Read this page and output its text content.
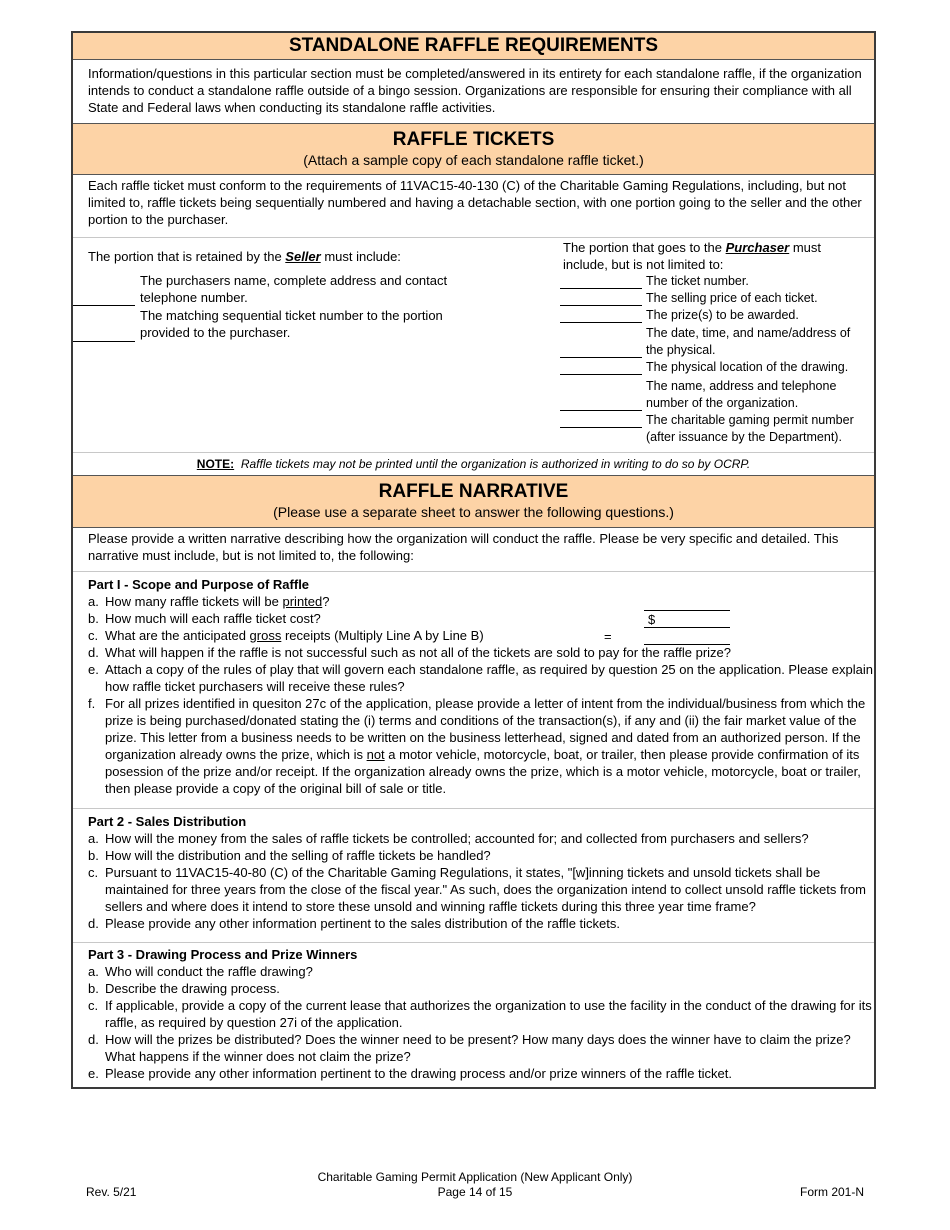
STANDALONE RAFFLE REQUIREMENTS
Information/questions in this particular section must be completed/answered in its entirety for each standalone raffle, if the organization intends to conduct a standalone raffle outside of a bingo session. Organizations are responsible for ensuring their compliance with all State and Federal laws when conducting its standalone raffle activities.
RAFFLE TICKETS
(Attach a sample copy of each standalone raffle ticket.)
Each raffle ticket must conform to the requirements of 11VAC15-40-130 (C) of the Charitable Gaming Regulations, including, but not limited to, raffle tickets being sequentially numbered and having a detachable section, with one portion going to the seller and the other portion to the purchaser.
The portion that is retained by the Seller must include:
The purchasers name, complete address and contact telephone number.
The matching sequential ticket number to the portion provided to the purchaser.
The portion that goes to the Purchaser must include, but is not limited to:
The ticket number.
The selling price of each ticket.
The prize(s) to be awarded.
The date, time, and name/address of the physical.
The physical location of the drawing.
The name, address and telephone number of the organization.
The charitable gaming permit number (after issuance by the Department).
NOTE: Raffle tickets may not be printed until the organization is authorized in writing to do so by OCRP.
RAFFLE NARRATIVE
(Please use a separate sheet to answer the following questions.)
Please provide a written narrative describing how the organization will conduct the raffle. Please be very specific and detailed. This narrative must include, but is not limited to, the following:
Part I - Scope and Purpose of Raffle
a. How many raffle tickets will be printed?
b. How much will each raffle ticket cost?
c. What are the anticipated gross receipts (Multiply Line A by Line B)
d. What will happen if the raffle is not successful such as not all of the tickets are sold to pay for the raffle prize?
e. Attach a copy of the rules of play that will govern each standalone raffle, as required by question 25 on the application. Please explain how raffle ticket purchasers will receive these rules?
f. For all prizes identified in quesiton 27c of the application, please provide a letter of intent from the individual/business from which the prize is being purchased/donated stating the (i) terms and conditions of the transaction(s), if any and (ii) the fair market value of the prize. This letter from a business needs to be written on the business letterhead, signed and dated from an authorized person. If the organization already owns the prize, which is not a motor vehicle, motorcycle, boat, or trailer, then please provide confirmation of its posession of the prize and/or receipt. If the organization already owns the prize, which is a motor vehicle, motorcycle, boat or trailer, then please provide a copy of the original bill of sale or title.
$
=
Part 2 - Sales Distribution
a. How will the money from the sales of raffle tickets be controlled; accounted for; and collected from purchasers and sellers?
b. How will the distribution and the selling of raffle tickets be handled?
c. Pursuant to 11VAC15-40-80 (C) of the Charitable Gaming Regulations, it states, "[w]inning tickets and unsold tickets shall be maintained for three years from the close of the fiscal year." As such, does the organization intend to collect unsold raffle tickets from sellers and where does it intend to store these unsold and winning raffle tickets during this three year time frame?
d. Please provide any other information pertinent to the sales distribution of the raffle tickets.
Part 3 - Drawing Process and Prize Winners
a. Who will conduct the raffle drawing?
b. Describe the drawing process.
c. If applicable, provide a copy of the current lease that authorizes the organization to use the facility in the conduct of the drawing for its raffle, as required by question 27i of the application.
d. How will the prizes be distributed? Does the winner need to be present? How many days does the winner have to claim the prize? What happens if the winner does not claim the prize?
e. Please provide any other information pertinent to the drawing process and/or prize winners of the raffle ticket.
Rev. 5/21
Charitable Gaming Permit Application (New Applicant Only)
Page 14 of 15	Form 201-N
